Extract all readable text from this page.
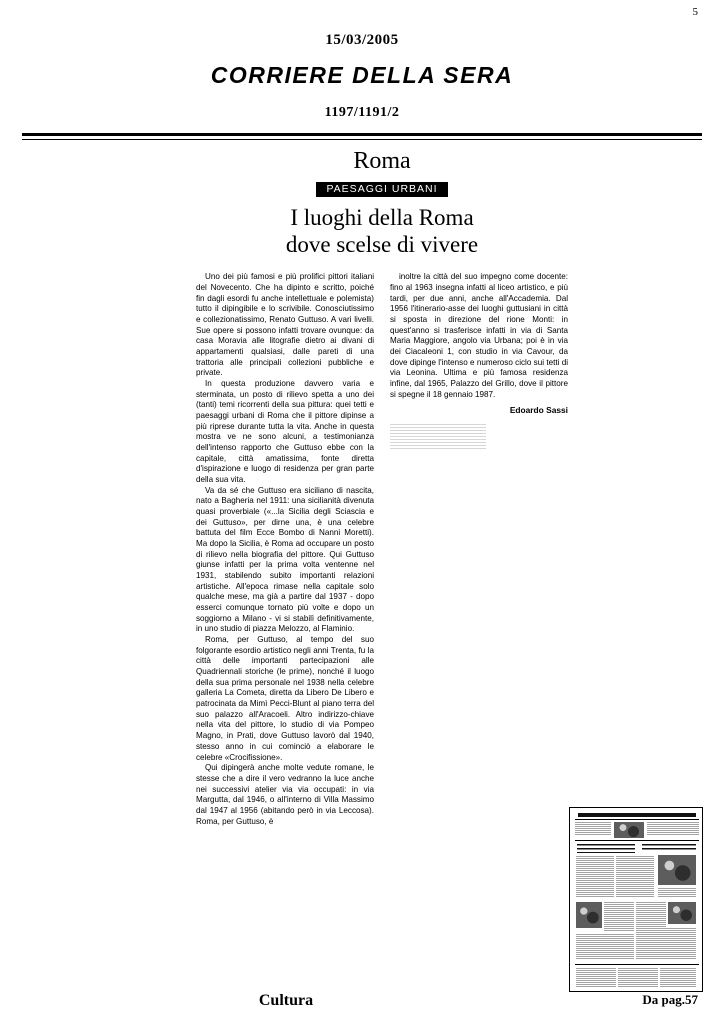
5
15/03/2005
CORRIERE DELLA SERA
1197/1191/2
Roma
PAESAGGI URBANI
I luoghi della Roma
dove scelse di vivere

Uno dei più famosi e più prolifici pittori italiani del Novecento. Che ha dipinto e scritto, poiché fin dagli esordi fu anche intellettuale e polemista) tutto il dipingibile e lo scrivibile. Conosciutissimo e collezionatissimo, Renato Guttuso. A vari livelli. Sue opere si possono infatti trovare ovunque: da casa Moravia alle litografie dietro ai divani di appartamenti qualsiasi, dalle pareti di una trattoria alle principali collezioni pubbliche e private.

In questa produzione davvero varia e sterminata, un posto di rilievo spetta a uno dei (tanti) temi ricorrenti della sua pittura: quei tetti e paesaggi urbani di Roma che il pittore dipinse a più riprese durante tutta la vita. Anche in questa mostra ve ne sono alcuni, a testimonianza dell'intenso rapporto che Guttuso ebbe con la capitale, città amatissima, fonte diretta d'ispirazione e luogo di residenza per gran parte della sua vita.

Va da sé che Guttuso era siciliano di nascita, nato a Bagheria nel 1911: una sicilianità divenuta quasi proverbiale («...la Sicilia degli Sciascia e dei Guttuso», per dirne una, è una celebre battuta del film Ecce Bombo di Nanni Moretti). Ma dopo la Sicilia, è Roma ad occupare un posto di rilievo nella biografia del pittore. Qui Guttuso giunse infatti per la prima volta ventenne nel 1931, stabilendo subito importanti relazioni artistiche. All'epoca rimase nella capitale solo qualche mese, ma già a partire dal 1937 - dopo esserci comunque tornato più volte e dopo un soggiorno a Milano - vi si stabilì definitivamente, in uno studio di piazza Melozzo, al Flaminio.

Roma, per Guttuso, al tempo del suo folgorante esordio artistico negli anni Trenta, fu la città delle importanti partecipazioni alle Quadriennali storiche (le prime), nonché il luogo della sua prima personale nel 1938 nella celebre galleria La Cometa, diretta da Libero De Libero e patrocinata da Mimì Pecci-Blunt al piano terra del suo palazzo all'Aracoeli. Altro indirizzo-chiave nella vita del pittore, lo studio di via Pompeo Magno, in Prati, dove Guttuso lavorò dal 1940, stesso anno in cui cominciò a elaborare le celebre «Crocifissione».

Qui dipingerà anche molte vedute romane, le stesse che a dire il vero vedranno la luce anche nei successivi atelier via via occupati: in via Margutta, dal 1946, o all'interno di Villa Massimo dal 1947 al 1956 (abitando però in via Leccosa). Roma, per Guttuso, è

inoltre la città del suo impegno come docente: fino al 1963 insegna infatti al liceo artistico, e più tardi, per due anni, anche all'Accademia. Dal 1956 l'itinerario-asse dei luoghi guttusiani in città si sposta in direzione del rione Monti: in quest'anno si trasferisce infatti in via di Santa Maria Maggiore, angolo via Urbana; poi è in via dei Ciacaleoni 1, con studio in via Cavour, da dove dipinge l'intenso e numeroso ciclo sui tetti di via Leonina. Ultima e più famosa residenza infine, dal 1965, Palazzo del Grillo, dove il pittore si spegne il 18 gennaio 1987.

Edoardo Sassi
Cultura	Da pag.57
